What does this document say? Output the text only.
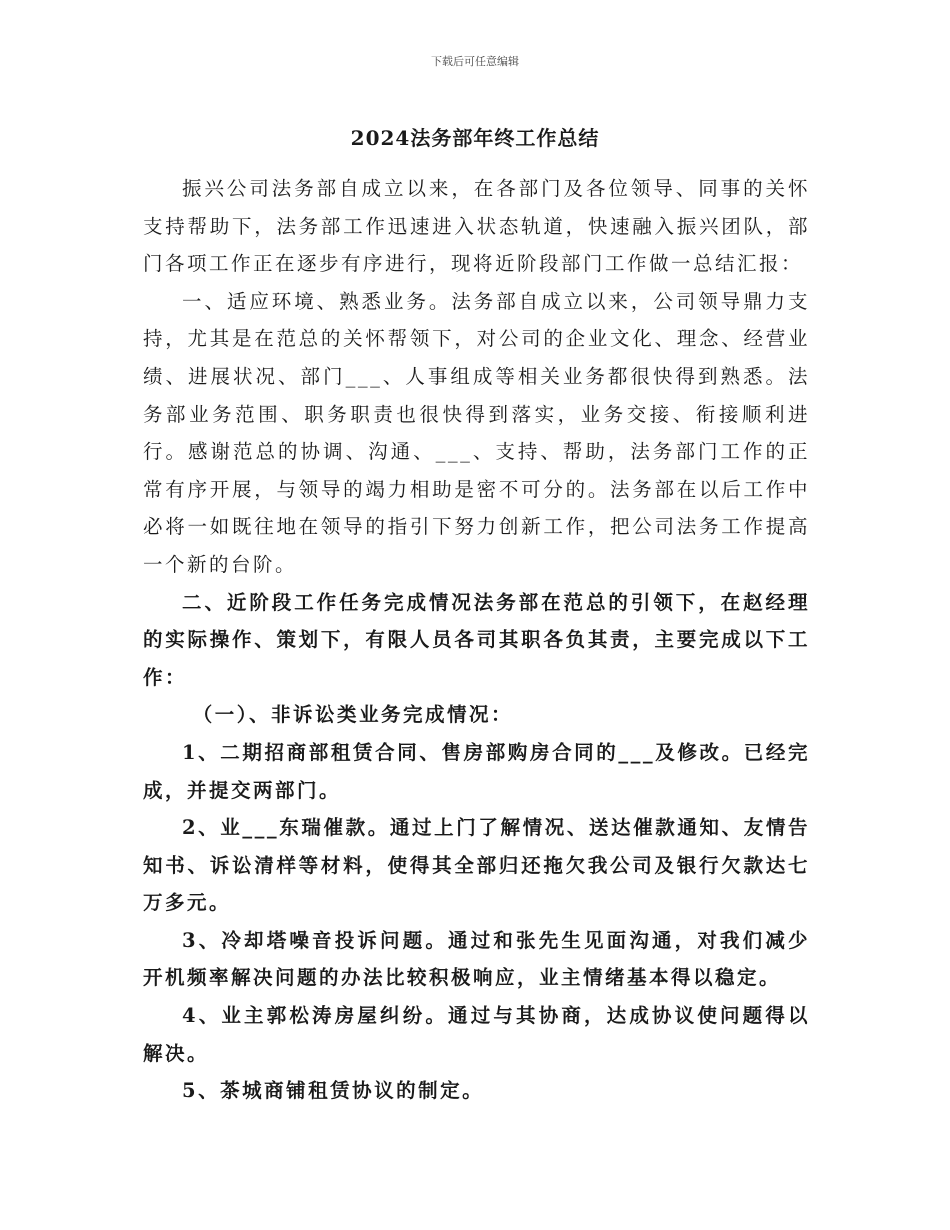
下载后可任意编辑
2024法务部年终工作总结

振兴公司法务部自成立以来，在各部门及各位领导、同事的关怀支持帮助下，法务部工作迅速进入状态轨道，快速融入振兴团队，部门各项工作正在逐步有序进行，现将近阶段部门工作做一总结汇报：

一、适应环境、熟悉业务。法务部自成立以来，公司领导鼎力支持，尤其是在范总的关怀帮领下，对公司的企业文化、理念、经营业绩、进展状况、部门___、人事组成等相关业务都很快得到熟悉。法务部业务范围、职务职责也很快得到落实，业务交接、衔接顺利进行。感谢范总的协调、沟通、___、支持、帮助，法务部门工作的正常有序开展，与领导的竭力相助是密不可分的。法务部在以后工作中必将一如既往地在领导的指引下努力创新工作，把公司法务工作提高一个新的台阶。

二、近阶段工作任务完成情况法务部在范总的引领下，在赵经理的实际操作、策划下，有限人员各司其职各负其责，主要完成以下工作：

（一）、非诉讼类业务完成情况：

1、二期招商部租赁合同、售房部购房合同的___及修改。已经完成，并提交两部门。

2、业___东瑞催款。通过上门了解情况、送达催款通知、友情告知书、诉讼清样等材料，使得其全部归还拖欠我公司及银行欠款达七万多元。

3、冷却塔噪音投诉问题。通过和张先生见面沟通，对我们减少开机频率解决问题的办法比较积极响应，业主情绪基本得以稳定。

4、业主郭松涛房屋纠纷。通过与其协商，达成协议使问题得以解决。

5、茶城商铺租赁协议的制定。
